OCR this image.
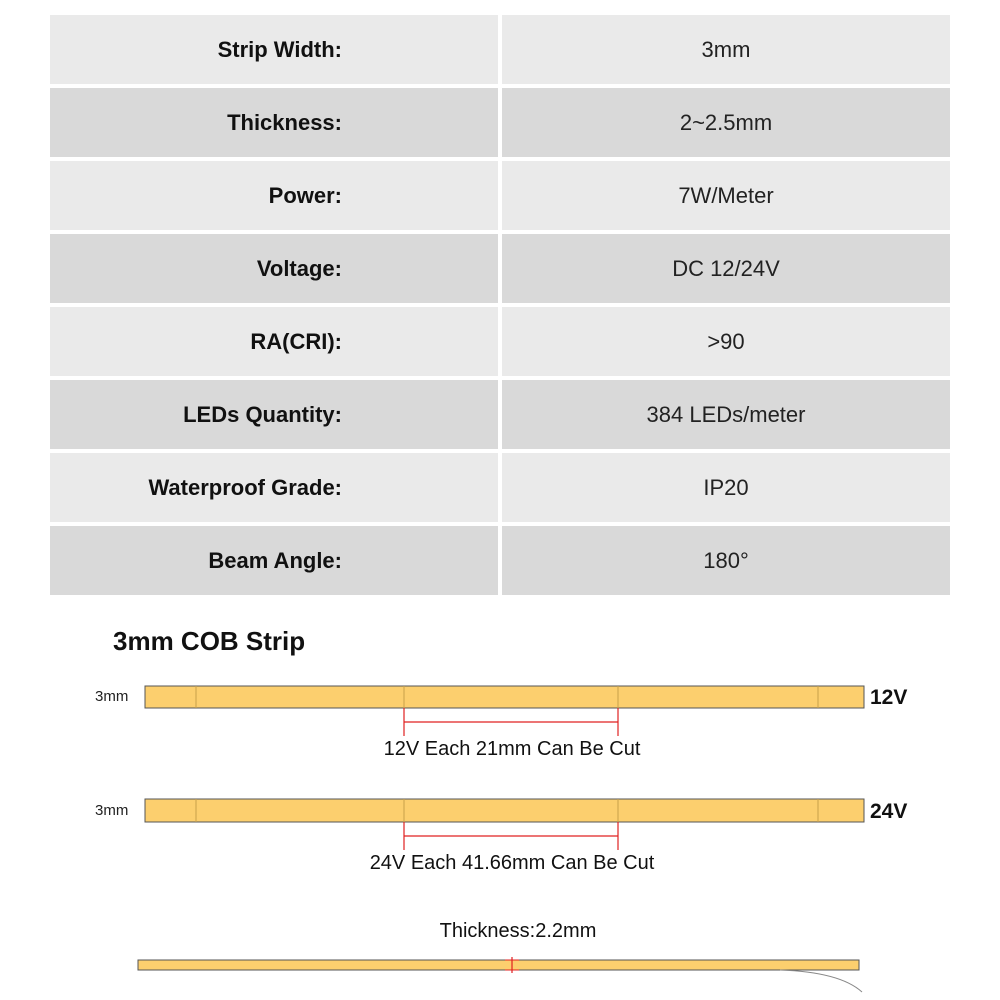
Strip Width:	3mm
Thickness:	2~2.5mm
Power:	7W/Meter
Voltage:	DC 12/24V
RA(CRI):	>90
LEDs Quantity:	384 LEDs/meter
Waterproof Grade:	IP20
Beam Angle:	180°
3mm COB Strip
3mm	12V
12V Each 21mm Can Be Cut
3mm	24V
24V Each 41.66mm Can Be Cut
Thickness:2.2mm
